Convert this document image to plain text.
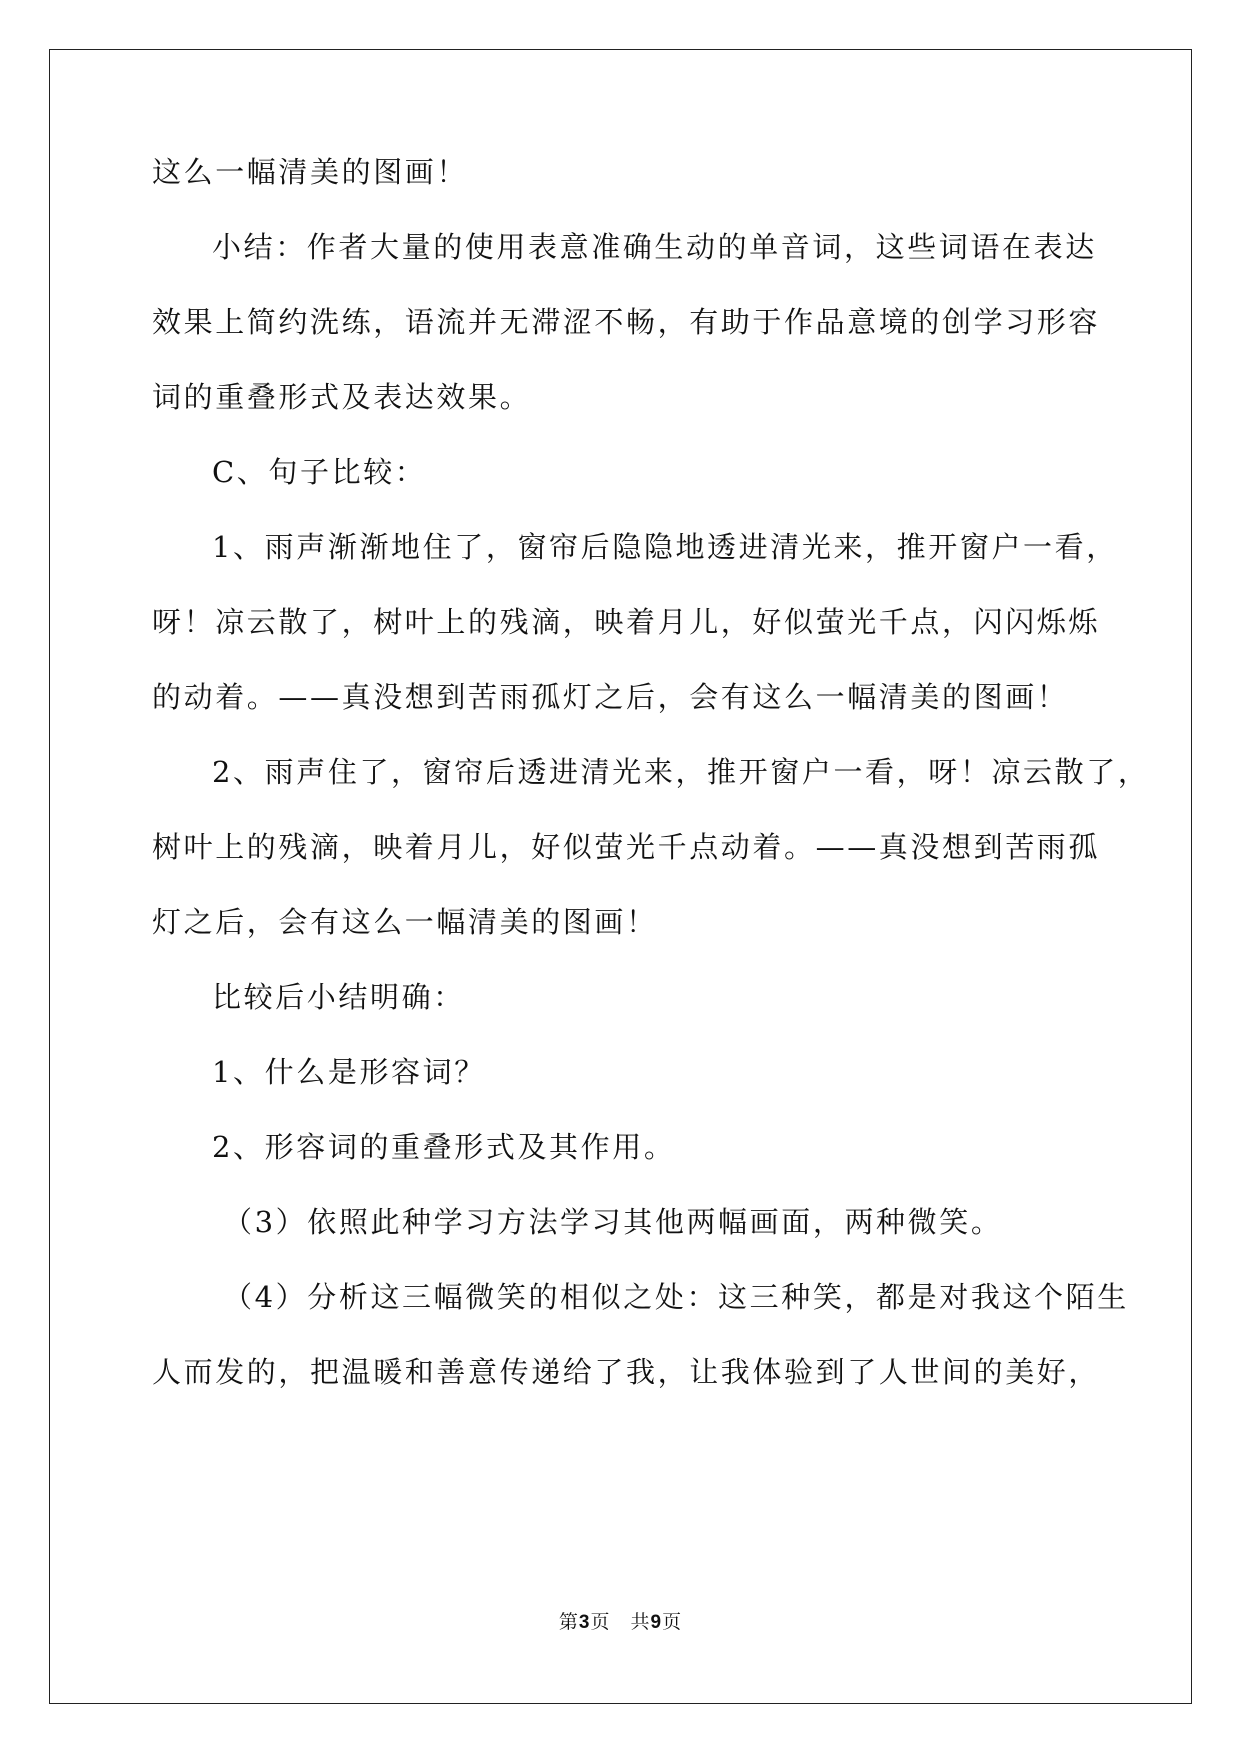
这么一幅清美的图画！
小结：作者大量的使用表意准确生动的单音词，这些词语在表达
效果上简约洗练，语流并无滞涩不畅，有助于作品意境的创学习形容
词的重叠形式及表达效果。
C、句子比较：
1、雨声渐渐地住了，窗帘后隐隐地透进清光来，推开窗户一看，
呀！凉云散了，树叶上的残滴，映着月儿，好似萤光千点，闪闪烁烁
的动着。——真没想到苦雨孤灯之后，会有这么一幅清美的图画！
2、雨声住了，窗帘后透进清光来，推开窗户一看，呀！凉云散了，
树叶上的残滴，映着月儿，好似萤光千点动着。——真没想到苦雨孤
灯之后，会有这么一幅清美的图画！
比较后小结明确：
1、什么是形容词？
2、形容词的重叠形式及其作用。
（3）依照此种学习方法学习其他两幅画面，两种微笑。
（4）分析这三幅微笑的相似之处：这三种笑，都是对我这个陌生
人而发的，把温暖和善意传递给了我，让我体验到了人世间的美好，
第3页　共9页
